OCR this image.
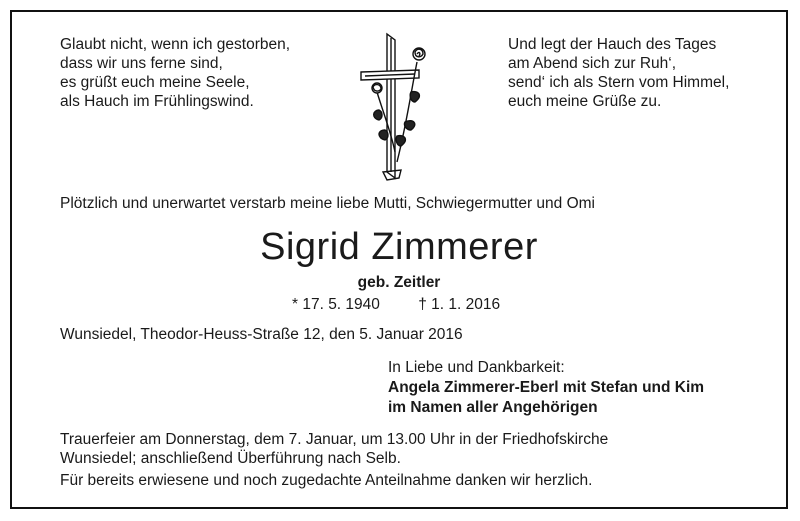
Glaubt nicht, wenn ich gestorben,
dass wir uns ferne sind,
es grüßt euch meine Seele,
als Hauch im Frühlingswind.
Und legt der Hauch des Tages
am Abend sich zur Ruh‘,
send‘ ich als Stern vom Himmel,
euch meine Grüße zu.
Plötzlich und unerwartet verstarb meine liebe Mutti, Schwiegermutter und Omi
Sigrid Zimmerer
geb. Zeitler
* 17. 5. 1940 † 1. 1. 2016
Wunsiedel, Theodor-Heuss-Straße 12, den 5. Januar 2016
In Liebe und Dankbarkeit:
Angela Zimmerer-Eberl mit Stefan und Kim
im Namen aller Angehörigen
Trauerfeier am Donnerstag, dem 7. Januar, um 13.00 Uhr in der Friedhofskirche
Wunsiedel; anschließend Überführung nach Selb.
Für bereits erwiesene und noch zugedachte Anteilnahme danken wir herzlich.
